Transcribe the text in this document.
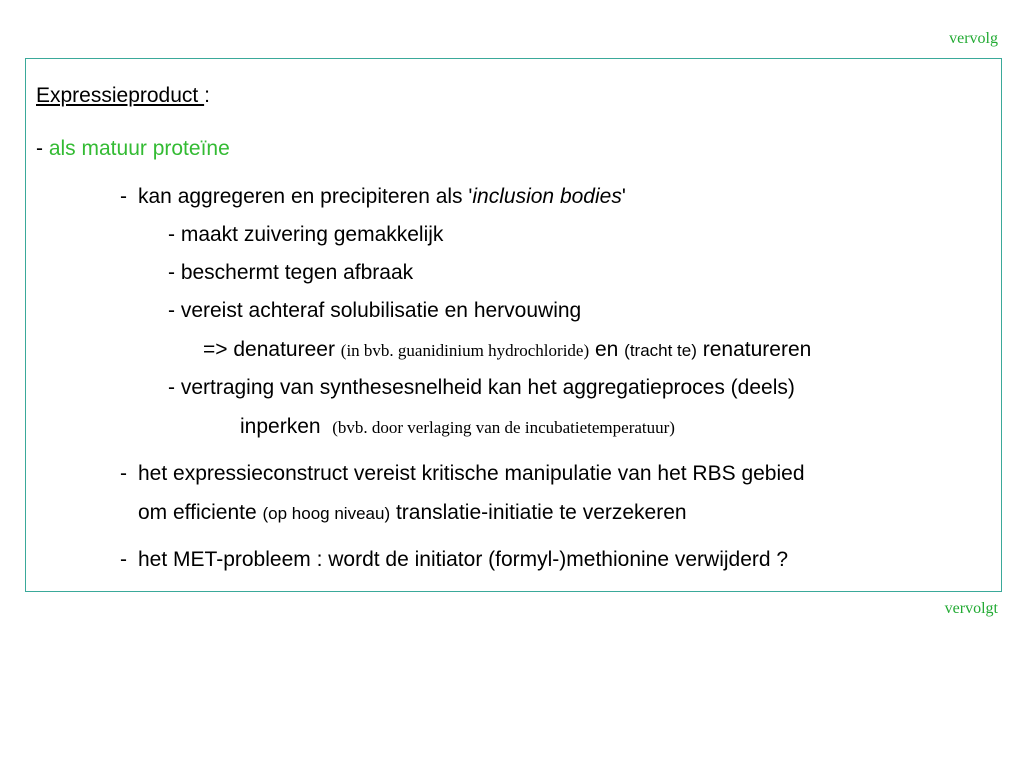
vervolg
Expressieproduct :
- als matuur proteïne
- kan aggregeren en precipiteren als 'inclusion bodies'
- maakt zuivering gemakkelijk
- beschermt tegen afbraak
- vereist achteraf solubilisatie en hervouwing
=> denatureer (in bvb. guanidinium hydrochloride) en (tracht te) renatureren
- vertraging van synthesesnelheid kan het aggregatieproces (deels)
inperken (bvb. door verlaging van de incubatietemperatuur)
- het expressieconstruct vereist kritische manipulatie van het RBS gebied
om efficiente (op hoog niveau) translatie-initiatie te verzekeren
- het MET-probleem : wordt de initiator (formyl-)methionine verwijderd ?
vervolgt
